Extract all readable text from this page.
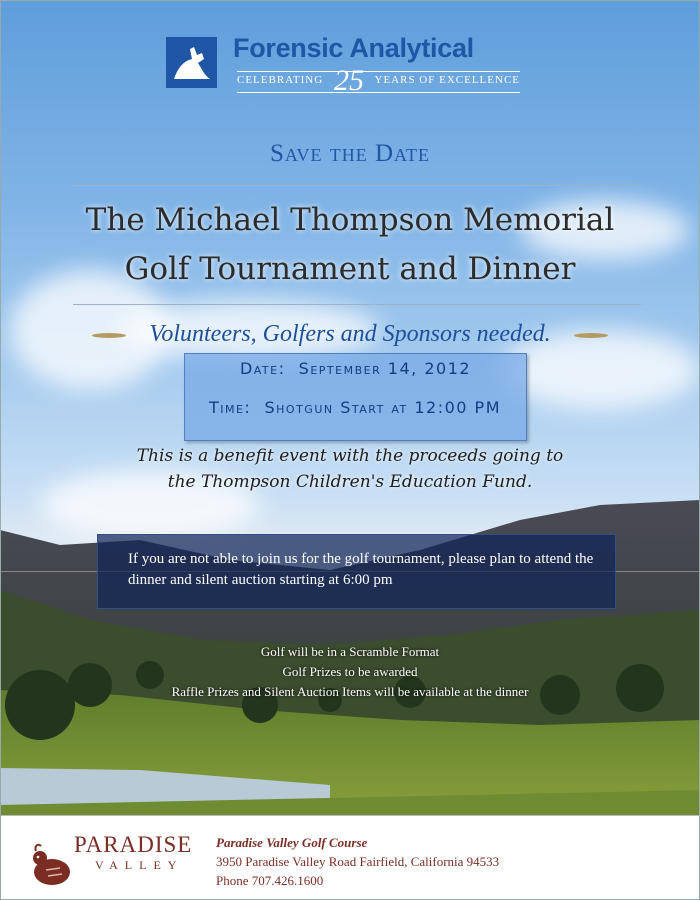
Forensic Analytical
CELEBRATING 25 YEARS OF EXCELLENCE
Save the Date
The Michael Thompson Memorial
Golf Tournament and Dinner
Volunteers, Golfers and Sponsors needed.
Date: September 14, 2012
Time: Shotgun Start at 12:00 PM
This is a benefit event with the proceeds going to
the Thompson Children's Education Fund.
If you are not able to join us for the golf tournament, please plan to attend the dinner and silent auction starting at 6:00 pm
Golf will be in a Scramble Format
Golf Prizes to be awarded
Raffle Prizes and Silent Auction Items will be available at the dinner
PARADISE
VALLEY
Paradise Valley Golf Course
3950 Paradise Valley Road Fairfield, California 94533
Phone 707.426.1600
